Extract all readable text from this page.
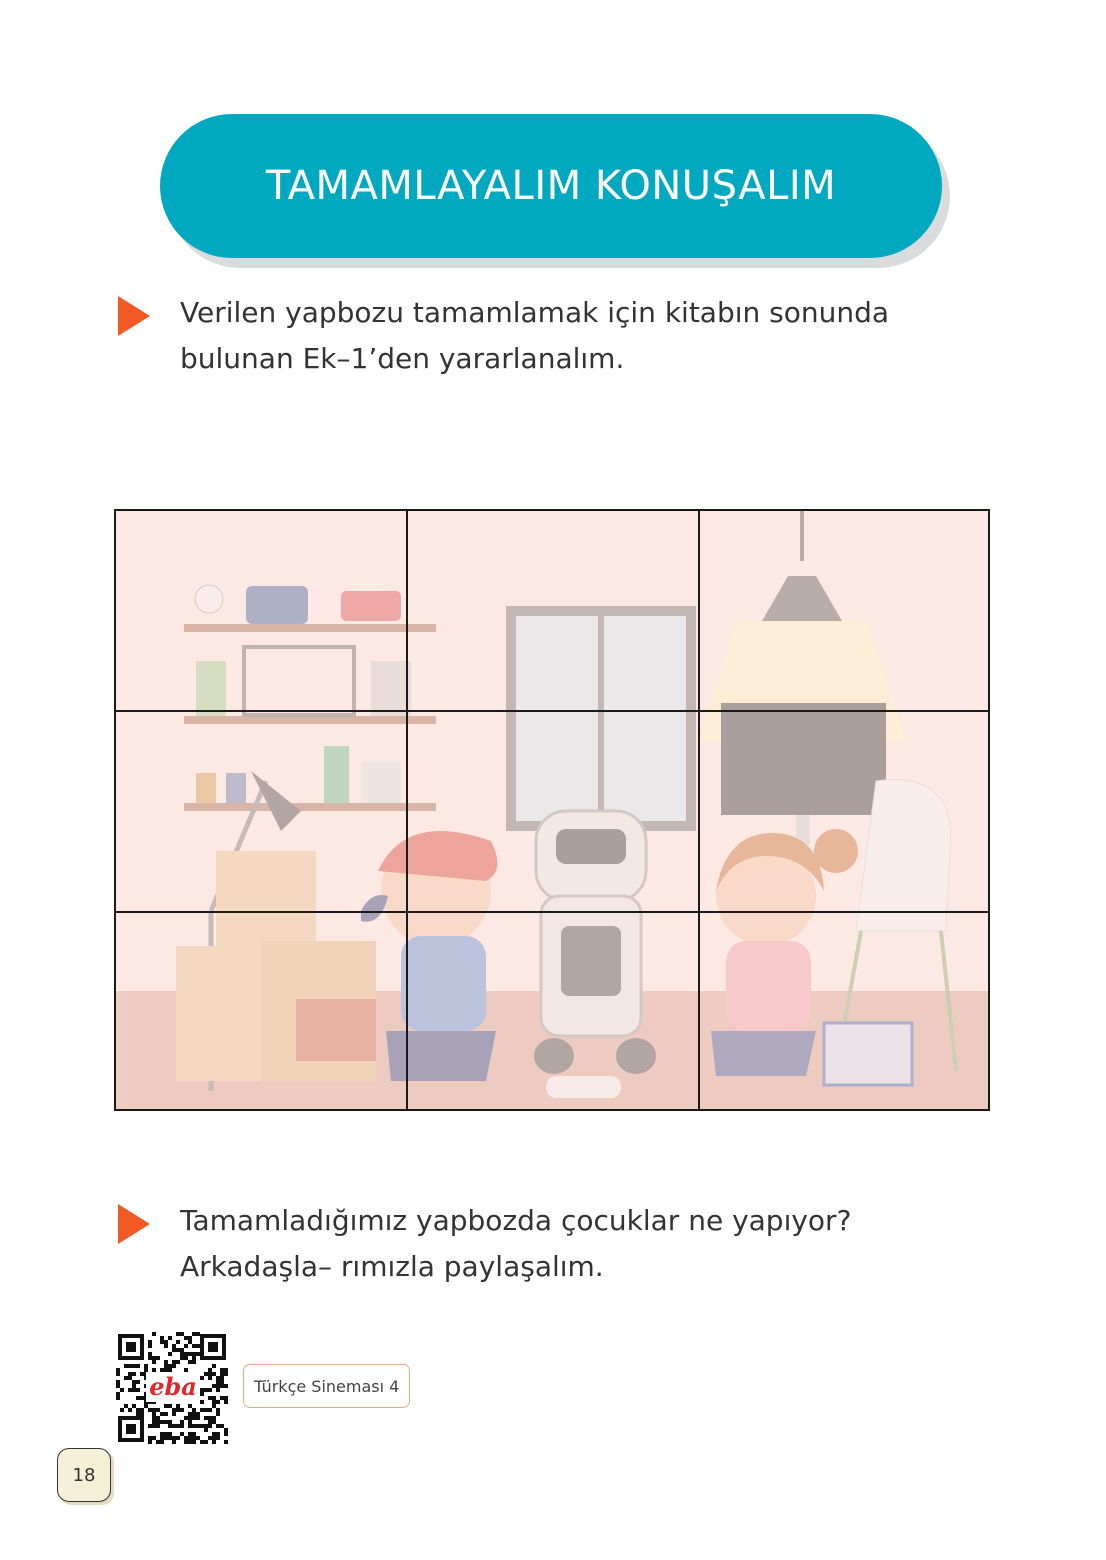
TAMAMLAYALIM KONUŞALIM
Verilen yapbozu tamamlamak için kitabın sonunda bulunan Ek–1’den yararlanalım.
Tamamladığımız yapbozda çocuklar ne yapıyor? Arkadaşla– rımızla paylaşalım.
eba	Türkçe Sineması 4
18
